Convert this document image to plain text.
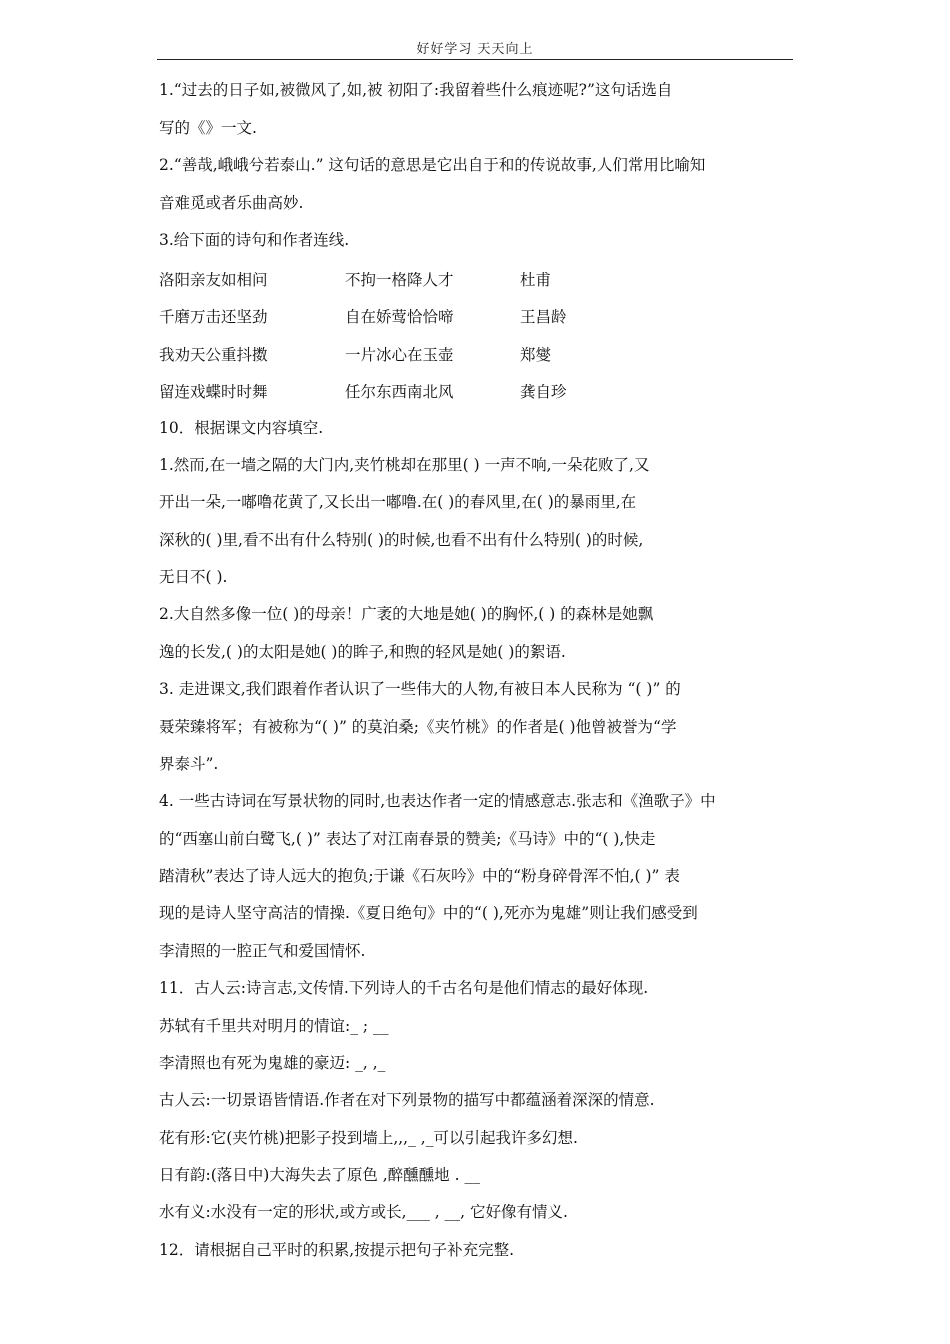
好好学习 天天向上
1.“过去的日子如,被微风了,如,被 初阳了:我留着些什么痕迹呢?”这句话选自
写的《》一文.
2.“善哉,峨峨兮若泰山.” 这句话的意思是它出自于和的传说故事,人们常用比喻知
音难觅或者乐曲高妙.
3.给下面的诗句和作者连线.
洛阳亲友如相问	不拘一格降人才	杜甫
千磨万击还坚劲	自在娇莺恰恰啼	王昌龄
我劝天公重抖擞	一片冰心在玉壶	郑燮
留连戏蝶时时舞	任尔东西南北风	龚自珍
10．根据课文内容填空.
1.然而,在一墙之隔的大门内,夹竹桃却在那里( ) 一声不响,一朵花败了,又
开出一朵,一嘟噜花黄了,又长出一嘟噜.在( )的春风里,在( )的暴雨里,在
深秋的( )里,看不出有什么特别( )的时候,也看不出有什么特别( )的时候,
无日不( ).
2.大自然多像一位( )的母亲！广袤的大地是她( )的胸怀,( ) 的森林是她飘
逸的长发,( )的太阳是她( )的眸子,和煦的轻风是她( )的絮语.
3. 走进课文,我们跟着作者认识了一些伟大的人物,有被日本人民称为 “( )” 的
聂荣臻将军；有被称为“( )” 的莫泊桑;《夹竹桃》的作者是( )他曾被誉为“学
界泰斗”.
4. 一些古诗词在写景状物的同时,也表达作者一定的情感意志.张志和《渔歌子》中
的“西塞山前白鹭飞,( )” 表达了对江南春景的赞美;《马诗》中的“( ),快走
踏清秋”表达了诗人远大的抱负;于谦《石灰吟》中的“粉身碎骨浑不怕,( )” 表
现的是诗人坚守高洁的情操.《夏日绝句》中的“( ),死亦为鬼雄”则让我们感受到
李清照的一腔正气和爱国情怀.
11．古人云:诗言志,文传情.下列诗人的千古名句是他们情志的最好体现.
苏轼有千里共对明月的情谊:_ ; __
李清照也有死为鬼雄的豪迈: _, ,_
古人云:一切景语皆情语.作者在对下列景物的描写中都蕴涵着深深的情意.
花有形:它(夹竹桃)把影子投到墙上,,,_ ,_可以引起我许多幻想.
日有韵:(落日中)大海失去了原色 ,醉醺醺地 . __
水有义:水没有一定的形状,或方或长,___ , __, 它好像有情义.
12．请根据自己平时的积累,按提示把句子补充完整.
